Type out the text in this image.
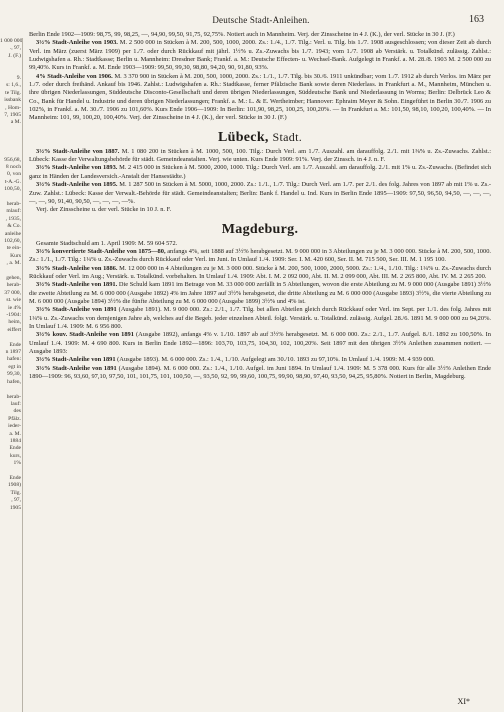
1 000 000
., 97,
J. (F.)

9.
s: 1,6.,
te Tilg.
issbank
, Hom-
7, 1905
a M.

956,68,
8 noch
0, von
t-A.-G.
100,50,

herab-
mlauf:
, 1935,
& Co.
anleihe
102,60,
te ein-
Kurs
, a. M.

gehen,
herab-
37 000,
st. wie
ie 4%
-1904:
heim,
eiffert

Ende
n 1897
hafen:
egt in
99,30,
hafen,

herab-
lauf:
des
Pfälz.
ieder-
a. M.
1884
Ende
kurs,
1%

Ende
1908)
Tilg.
, 97,
1905
Deutsche Stadt-Anleihen.	163

Berlin Ende 1902—1909: 98,75, 99, 98,25, —, 94,90, 99,50, 91,75, 92,75%. Notiert auch in Mannheim. Verj. der Zinsscheine in 4 J. (K.), der verl. Stücke in 30 J. (F.)

3½% Stadt-Anleihe von 1903. M. 2 500 000 in Stücken à M. 200, 500, 1000, 2000. Zs.: 1./4., 1./7. Tilg.: Verl. u. Tilg. bis 1./7. 1908 ausgeschlossen; von dieser Zeit ab durch Verl. im März (zuerst März 1909) per 1./7. oder durch Rückkauf mit jährl. 1½% u. Zs.-Zuwachs bis 1./7. 1943; vom 1./7. 1908 ab Verstärk. u. Totalkünd. zulässig. Zahlst.: Ludwigshafen a. Rh.: Stadtkasse; Berlin u. Mannheim: Dresdner Bank; Frankf. a. M.: Deutsche Effecten- u. Wechsel-Bank. Aufgelegt in Frankf. a. M. 28./8. 1903 M. 2 500 000 zu 99,40%. Kurs in Frankf. a. M. Ende 1903—1909: 99,50, 99,30, 98,80, 94,20, 90, 91,80, 93%.

4% Stadt-Anleihe von 1906. M. 3 370 900 in Stücken à M. 200, 500, 1000, 2000. Zs.: 1./1., 1./7. Tilg. bis 30./6. 1911 unkündbar; vom 1./7. 1912 ab durch Verlos. im März per 1./7. oder durch freihänd. Ankauf bis 1946. Zahlst.: Ludwigshafen a. Rh.: Stadtkasse, ferner Pfälzische Bank sowie deren Niederlass. in Frankfurt a. M., Mannheim, München u. ihre übrigen Niederlassungen, Süddeutsche Disconto-Gesellschaft und deren übrigen Niederlassungen, Süddeutsche Bank und Niederlassung in Worms; Berlin: Delbrück Leo & Co., Bank für Handel u. Industrie und deren übrigen Niederlassungen; Frankf. a. M.: L. & E. Wertheimber; Hannover: Ephraim Meyer & Sohn. Eingeführt in Berlin 30./7. 1906 zu 102%, in Frankf. a. M. 30./7. 1906 zu 101,60%. Kurs Ende 1906—1909: In Berlin: 101,90, 98,25, 100,25, 100,20%. — In Frankfurt a. M.: 101,50, 98,10, 100,20, 100,40%. — In Mannheim: 101, 99, 100,20, 100,40%. Verj. der Zinsscheine in 4 J. (K.), der verl. Stücke in 30 J. (F.)

Lübeck, Stadt.

3½% Stadt-Anleihe von 1887. M. 1 080 200 in Stücken à M. 1000, 500, 100. Tilg.: Durch Verl. am 1./7. Auszahl. am darauffolg. 2./1. mit 1⅜% u. Zs.-Zuwachs. Zahlst.: Lübeck: Kasse der Verwaltungsbehörde für städt. Gemeindeanstalten. Verj. wie unten. Kurs Ende 1909: 91%. Verj. der Zinssch. in 4 J. n. F.

3½% Stadt-Anleihe von 1893. M. 2 415 000 in Stücken à M. 5000, 2000, 1000. Tilg.: Durch Verl. am 1./7. Auszahl. am darauffolg. 2./1. mit 1% u. Zs.-Zuwachs. (Befindet sich ganz in Händen der Landesversich.-Anstalt der Hansestädte.)

3½% Stadt-Anleihe von 1895. M. 1 287 500 in Stücken à M. 5000, 1000, 2000. Zs.: 1./1., 1./7. Tilg.: Durch Verl. am 1./7. per 2./1. des folg. Jahres von 1897 ab mit 1% u. Zs.-Zuw. Zahlst.: Lübeck: Kasse der Verwalt.-Behörde für städt. Gemeindeanstalten; Berlin: Bank f. Handel u. Ind. Kurs in Berlin Ende 1895—1909: 97,50, 96,50, 94,50, —, —, —, —, —, 90, 91,40, 90,50, —, —, —, —%.

Verj. der Zinsscheine u. der verl. Stücke in 10 J. n. F.

Magdeburg.

Gesamte Stadtschuld am 1. April 1909: M. 59 604 572.

3½% konvertierte Stadt-Anleihe von 1875—80, anfangs 4%, seit 1888 auf 3½% herabgesetzt. M. 9 000 000 in 3 Abteilungen zu je M. 3 000 000. Stücke à M. 200, 500, 1000. Zs.: 1./1., 1./7. Tilg.: 1¼% u. Zs.-Zuwachs durch Rückkauf oder Verl. im Juni. In Umlauf 1./4. 1909: Ser. I. M. 420 600, Ser. II. M. 715 500, Ser. III. M. 1 195 100.

3½% Stadt-Anleihe von 1886. M. 12 000 000 in 4 Abteilungen zu je M. 3 000 000. Stücke à M. 200, 500, 1000, 2000, 5000. Zs.: 1./4., 1./10. Tilg.: 1¼% u. Zs.-Zuwachs durch Rückkauf oder Verl. im Aug.; Verstärk. u. Totalkünd. vorbehalten. In Umlauf 1./4. 1909: Abt. I. M. 2 092 000, Abt. II. M. 2 099 000, Abt. III. M. 2 265 800, Abt. IV. M. 2 265 200.

3½% Stadt-Anleihe von 1891. Die Schuld kam 1891 im Betrage von M. 33 000 000 zerfällt in 5 Abteilungen, wovon die erste Abteilung zu M. 9 000 000 (Ausgabe 1891) 3½% die zweite Abteilung zu M. 6 000 000 (Ausgabe 1892) 4% im Jahre 1897 auf 3½% herabgesetzt, die dritte Abteilung zu M. 6 000 000 (Ausgabe 1893) 3½%, die vierte Abteilung zu M. 6 000 000 (Ausgabe 1894) 3½% die fünfte Abteilung zu M. 6 000 000 (Ausgabe 1899) 3½% und 4% ist.

3½% Stadt-Anleihe von 1891 (Ausgabe 1891). M. 9 000 000. Zs.: 2./1., 1./7. Tilg. bei allen Abteilen gleich durch Rückkauf oder Verl. im Sept. per 1./1. des folg. Jahres mit 1¼% u. Zs.-Zuwachs von demjenigen Jahre ab, welches auf die Begeb. jeder einzelnen Abteil. folgt. Verstärk. u. Totalkünd. zulässig. Aufgel. 28./6. 1891 M. 9 000 000 zu 94,20%. In Umlauf 1./4. 1909: M. 6 956 800.

3½% kouv. Stadt-Anleihe von 1891 (Ausgabe 1892), anfangs 4% v. 1./10. 1897 ab auf 3½% herabgesetzt. M. 6 000 000. Zs.: 2./1., 1./7. Aufgel. 8./1. 1892 zu 100,50%. In Umlauf 1./4. 1909: M. 4 690 800. Kurs in Berlin Ende 1892—1896: 103,70, 103,75, 104,30, 102, 100,20%. Seit 1897 mit den übrigen 3½% Anleihen zusammen notiert. — Ausgabe 1893:

3½% Stadt-Anleihe von 1891 (Ausgabe 1893). M. 6 000 000. Zs.: 1./4., 1./10. Aufgelegt am 30./10. 1893 zu 97,10%. In Umlauf 1./4. 1909: M. 4 939 000.

3½% Stadt-Anleihe von 1891 (Ausgabe 1894). M. 6 000 000. Zs.: 1./4., 1./10. Aufgel. im Juni 1894. In Umlauf 1./4. 1909: M. 5 378 000. Kurs für alle 3½% Anleihen Ende 1890—1909: 96, 93,60, 97,10, 97,50, 101, 101,75, 101, 100,50, —, 93,50, 92, 99, 99,60, 100,75, 99,90, 98,90, 97,40, 93,50, 94,25, 95,80%. Notiert in Berlin, Magdeburg.

XI*
